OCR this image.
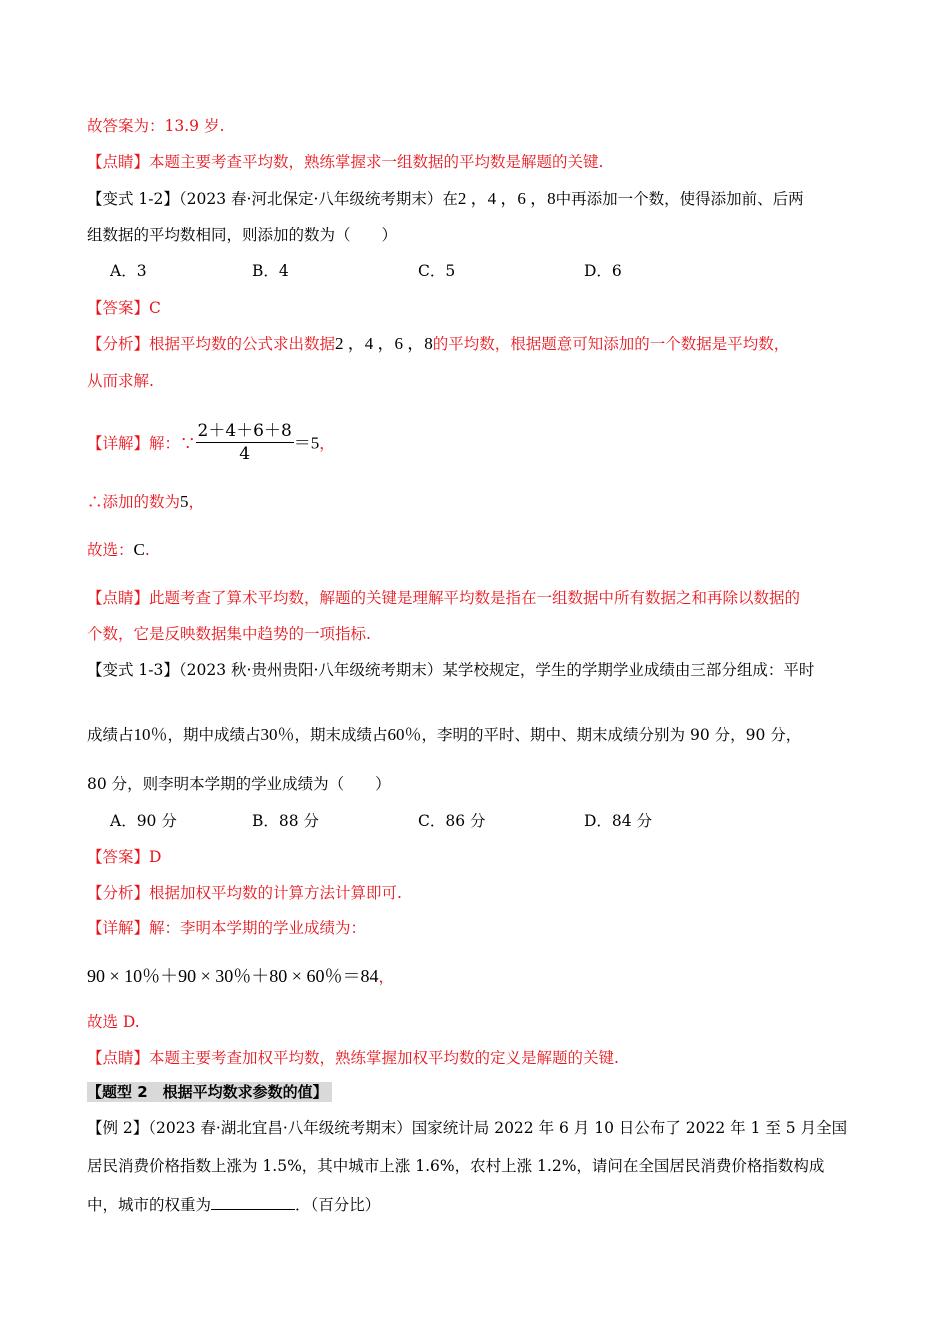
故答案为：13.9 岁.
【点睛】本题主要考查平均数，熟练掌握求一组数据的平均数是解题的关键.
【变式 1-2】（2023 春·河北保定·八年级统考期末）在2 ，4 ，6 ，8中再添加一个数，使得添加前、后两
组数据的平均数相同，则添加的数为（　　）
A．3	B．4	C．5	D．6
【答案】C
【分析】根据平均数的公式求出数据2 ，4 ，6 ，8的平均数，根据题意可知添加的一个数据是平均数，
从而求解.
【详解】解：∵ $\frac{2+4+6+8}{4} =5$，
∴添加的数为5，
故选：C.
【点睛】此题考查了算术平均数，解题的关键是理解平均数是指在一组数据中所有数据之和再除以数据的
个数，它是反映数据集中趋势的一项指标.
【变式 1-3】（2023 秋·贵州贵阳·八年级统考期末）某学校规定，学生的学期学业成绩由三部分组成：平时
成绩占10％，期中成绩占30％，期末成绩占60％，李明的平时、期中、期末成绩分别为 90 分，90 分，
80 分，则李明本学期的学业成绩为（　　）
A．90 分	B．88 分	C．86 分	D．84 分
【答案】D
【分析】根据加权平均数的计算方法计算即可.
【详解】解：李明本学期的学业成绩为：
90 × 10％＋90 × 30％＋80 × 60％＝84，
故选 D.
【点睛】本题主要考查加权平均数，熟练掌握加权平均数的定义是解题的关键.
【题型 2　根据平均数求参数的值】
【例 2】（2023 春·湖北宜昌·八年级统考期末）国家统计局 2022 年 6 月 10 日公布了 2022 年 1 至 5 月全国
居民消费价格指数上涨为 1.5%，其中城市上涨 1.6%，农村上涨 1.2%，请问在全国居民消费价格指数构成
中，城市的权重为	．（百分比）
